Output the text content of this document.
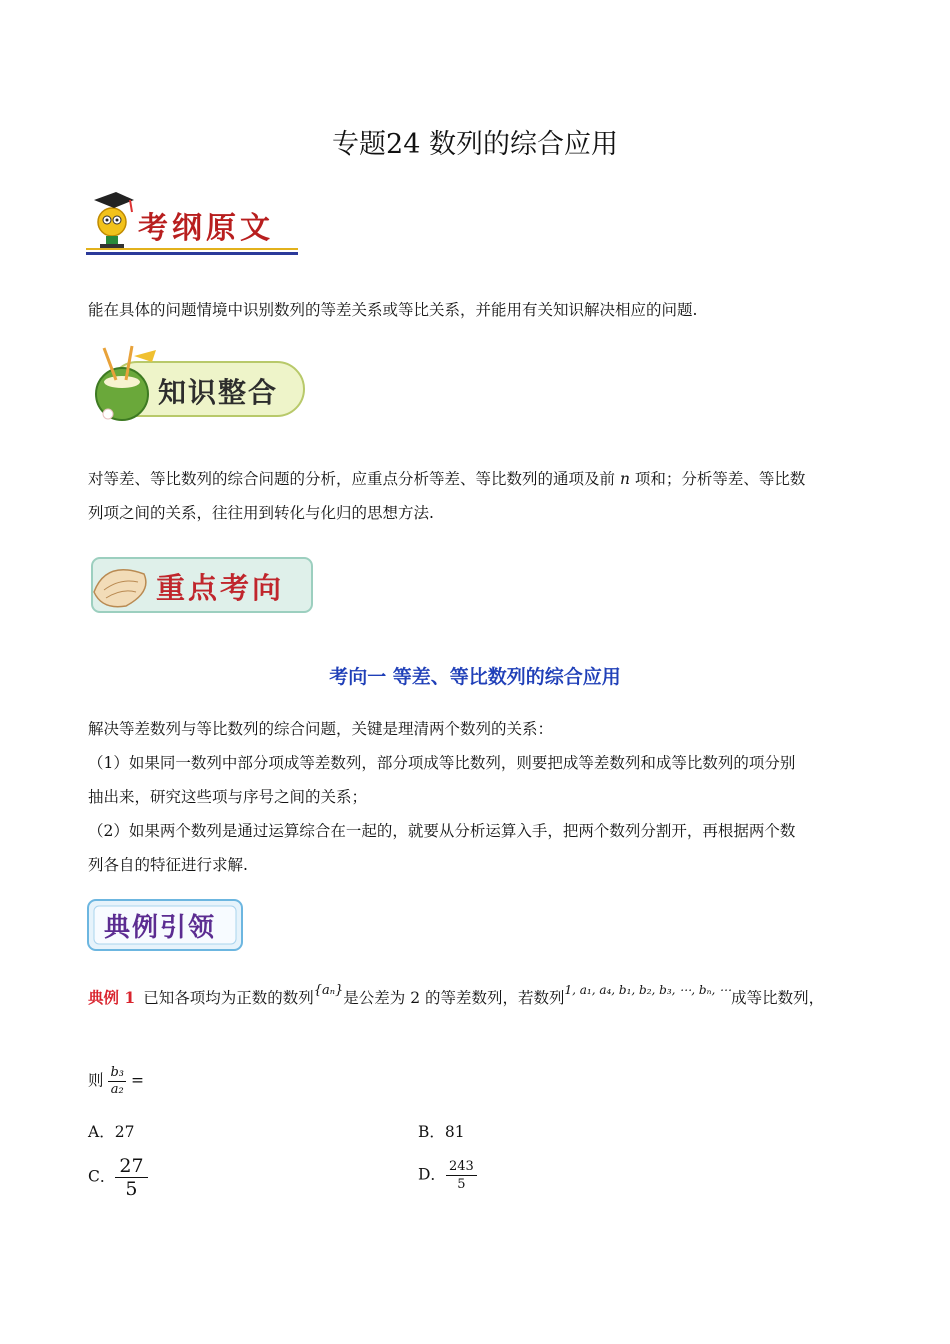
专题24 数列的综合应用
考纲原文
能在具体的问题情境中识别数列的等差关系或等比关系，并能用有关知识解决相应的问题.
知识整合
对等差、等比数列的综合问题的分析，应重点分析等差、等比数列的通项及前 n 项和；分析等差、等比数
列项之间的关系，往往用到转化与化归的思想方法.
重点考向
考向一 等差、等比数列的综合应用
解决等差数列与等比数列的综合问题，关键是理清两个数列的关系：
（1）如果同一数列中部分项成等差数列，部分项成等比数列，则要把成等差数列和成等比数列的项分别
抽出来，研究这些项与序号之间的关系；
（2）如果两个数列是通过运算综合在一起的，就要从分析运算入手，把两个数列分割开，再根据两个数
列各自的特征进行求解.
典例引领
典例 1 已知各项均为正数的数列$^{\{a_n\}}$是公差为 2 的等差数列，若数列$^{1, a_1, a_4, b_1, b_2, b_3, \cdots, b_n, \cdots}$成等比数列，
则 $\frac{\text{b₃}}{\text{a₂}}$ =
A．27	B．81
C． $\frac{27}{5}$	D． $\frac{243}{5}$
